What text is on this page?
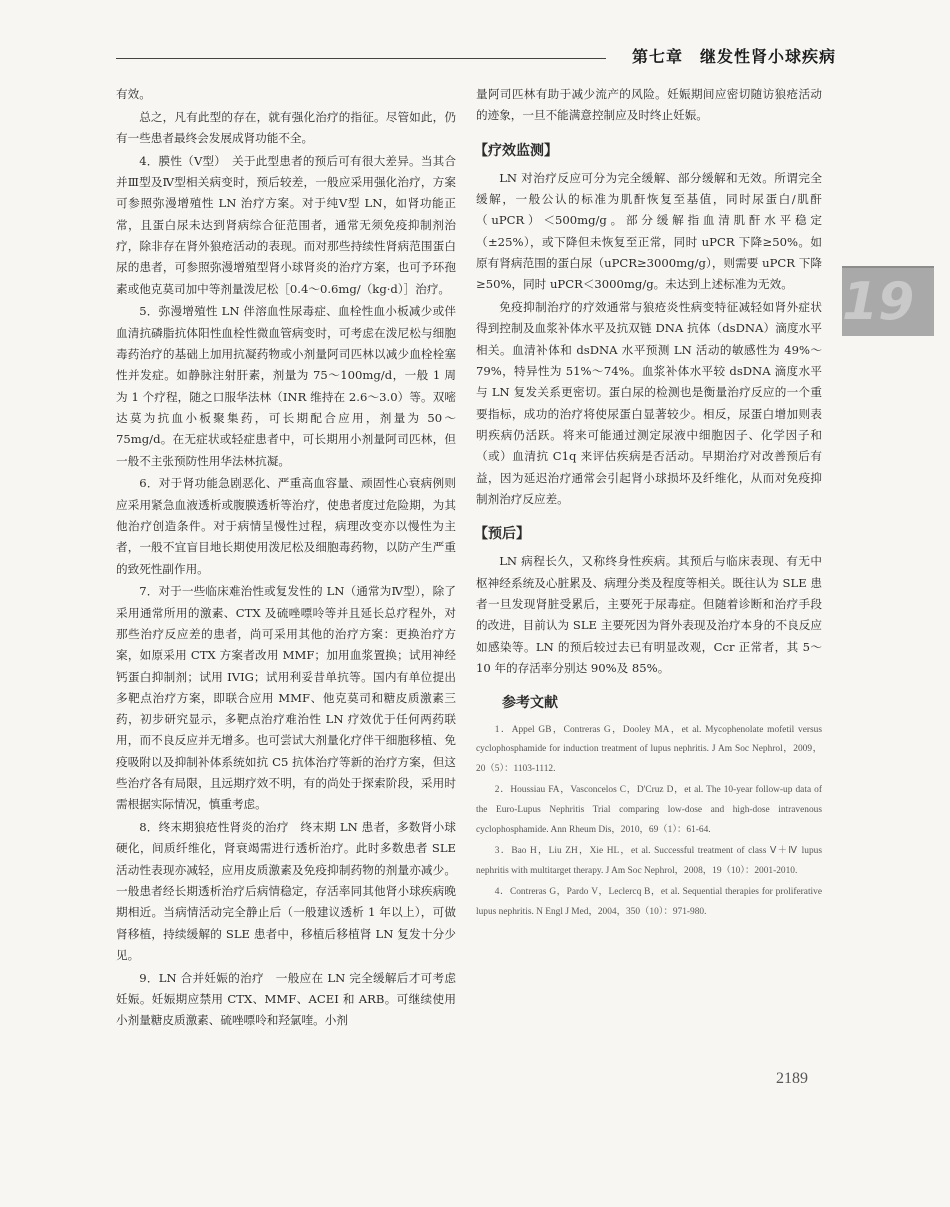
第七章　继发性肾小球疾病
19

有效。

总之，凡有此型的存在，就有强化治疗的指征。尽管如此，仍有一些患者最终会发展成肾功能不全。

4．膜性（Ⅴ型）　关于此型患者的预后可有很大差异。当其合并Ⅲ型及Ⅳ型相关病变时，预后较差，一般应采用强化治疗，方案可参照弥漫增殖性 LN 治疗方案。对于纯Ⅴ型 LN，如肾功能正常，且蛋白尿未达到肾病综合征范围者，通常无须免疫抑制剂治疗，除非存在肾外狼疮活动的表现。而对那些持续性肾病范围蛋白尿的患者，可参照弥漫增殖型肾小球肾炎的治疗方案，也可予环孢素或他克莫司加中等剂量泼尼松［0.4～0.6mg/（kg·d）］治疗。

5．弥漫增殖性 LN 伴溶血性尿毒症、血栓性血小板减少或伴血清抗磷脂抗体阳性血栓性微血管病变时，可考虑在泼尼松与细胞毒药治疗的基础上加用抗凝药物或小剂量阿司匹林以减少血栓栓塞性并发症。如静脉注射肝素，剂量为 75～100mg/d，一般 1 周为 1 个疗程，随之口服华法林（INR 维持在 2.6～3.0）等。双嘧达莫为抗血小板聚集药，可长期配合应用，剂量为 50～75mg/d。在无症状或轻症患者中，可长期用小剂量阿司匹林，但一般不主张预防性用华法林抗凝。

6．对于肾功能急剧恶化、严重高血容量、顽固性心衰病例则应采用紧急血液透析或腹膜透析等治疗，使患者度过危险期，为其他治疗创造条件。对于病情呈慢性过程，病理改变亦以慢性为主者，一般不宜盲目地长期使用泼尼松及细胞毒药物，以防产生严重的致死性副作用。

7．对于一些临床难治性或复发性的 LN（通常为Ⅳ型），除了采用通常所用的激素、CTX 及硫唑嘌呤等并且延长总疗程外，对那些治疗反应差的患者，尚可采用其他的治疗方案：更换治疗方案，如原采用 CTX 方案者改用 MMF；加用血浆置换；试用神经钙蛋白抑制剂；试用 IVIG；试用利妥昔单抗等。国内有单位提出多靶点治疗方案，即联合应用 MMF、他克莫司和糖皮质激素三药，初步研究显示，多靶点治疗难治性 LN 疗效优于任何两药联用，而不良反应并无增多。也可尝试大剂量化疗伴干细胞移植、免疫吸附以及抑制补体系统如抗 C5 抗体治疗等新的治疗方案，但这些治疗各有局限，且远期疗效不明，有的尚处于探索阶段，采用时需根据实际情况，慎重考虑。

8．终末期狼疮性肾炎的治疗　终末期 LN 患者，多数肾小球硬化，间质纤维化，肾衰竭需进行透析治疗。此时多数患者 SLE 活动性表现亦减轻，应用皮质激素及免疫抑制药物的剂量亦减少。一般患者经长期透析治疗后病情稳定，存活率同其他肾小球疾病晚期相近。当病情活动完全静止后（一般建议透析 1 年以上），可做肾移植，持续缓解的 SLE 患者中，移植后移植肾 LN 复发十分少见。

9．LN 合并妊娠的治疗　一般应在 LN 完全缓解后才可考虑妊娠。妊娠期应禁用 CTX、MMF、ACEI 和 ARB。可继续使用小剂量糖皮质激素、硫唑嘌呤和羟氯喹。小剂

量阿司匹林有助于减少流产的风险。妊娠期间应密切随访狼疮活动的迹象，一旦不能满意控制应及时终止妊娠。

【疗效监测】

LN 对治疗反应可分为完全缓解、部分缓解和无效。所谓完全缓解，一般公认的标准为肌酐恢复至基值，同时尿蛋白/肌酐（uPCR）＜500mg/g。部分缓解指血清肌酐水平稳定（±25%），或下降但未恢复至正常，同时 uPCR 下降≥50%。如原有肾病范围的蛋白尿（uPCR≥3000mg/g），则需要 uPCR 下降≥50%，同时 uPCR＜3000mg/g。未达到上述标准为无效。

免疫抑制治疗的疗效通常与狼疮炎性病变特征减轻如肾外症状得到控制及血浆补体水平及抗双链 DNA 抗体（dsDNA）滴度水平相关。血清补体和 dsDNA 水平预测 LN 活动的敏感性为 49%～79%，特异性为 51%～74%。血浆补体水平较 dsDNA 滴度水平与 LN 复发关系更密切。蛋白尿的检测也是衡量治疗反应的一个重要指标，成功的治疗将使尿蛋白显著较少。相反，尿蛋白增加则表明疾病仍活跃。将来可能通过测定尿液中细胞因子、化学因子和（或）血清抗 C1q 来评估疾病是否活动。早期治疗对改善预后有益，因为延迟治疗通常会引起肾小球损坏及纤维化，从而对免疫抑制剂治疗反应差。

【预后】

LN 病程长久，又称终身性疾病。其预后与临床表现、有无中枢神经系统及心脏累及、病理分类及程度等相关。既往认为 SLE 患者一旦发现肾脏受累后，主要死于尿毒症。但随着诊断和治疗手段的改进，目前认为 SLE 主要死因为肾外表现及治疗本身的不良反应如感染等。LN 的预后较过去已有明显改观，Ccr 正常者，其 5～10 年的存活率分别达 90%及 85%。

参考文献

1．Appel GB，Contreras G，Dooley MA，et al. Mycophenolate mofetil versus cyclophosphamide for induction treatment of lupus nephritis. J Am Soc Nephrol，2009，20（5）：1103-1112.

2．Houssiau FA，Vasconcelos C，D'Cruz D，et al. The 10-year follow-up data of the Euro-Lupus Nephritis Trial comparing low-dose and high-dose intravenous cyclophosphamide. Ann Rheum Dis，2010，69（1）：61-64.

3．Bao H，Liu ZH，Xie HL，et al. Successful treatment of class Ⅴ＋Ⅳ lupus nephritis with multitarget therapy. J Am Soc Nephrol，2008，19（10）：2001-2010.

4．Contreras G，Pardo V，Leclercq B，et al. Sequential therapies for proliferative lupus nephritis. N Engl J Med，2004，350（10）：971-980.

2189
